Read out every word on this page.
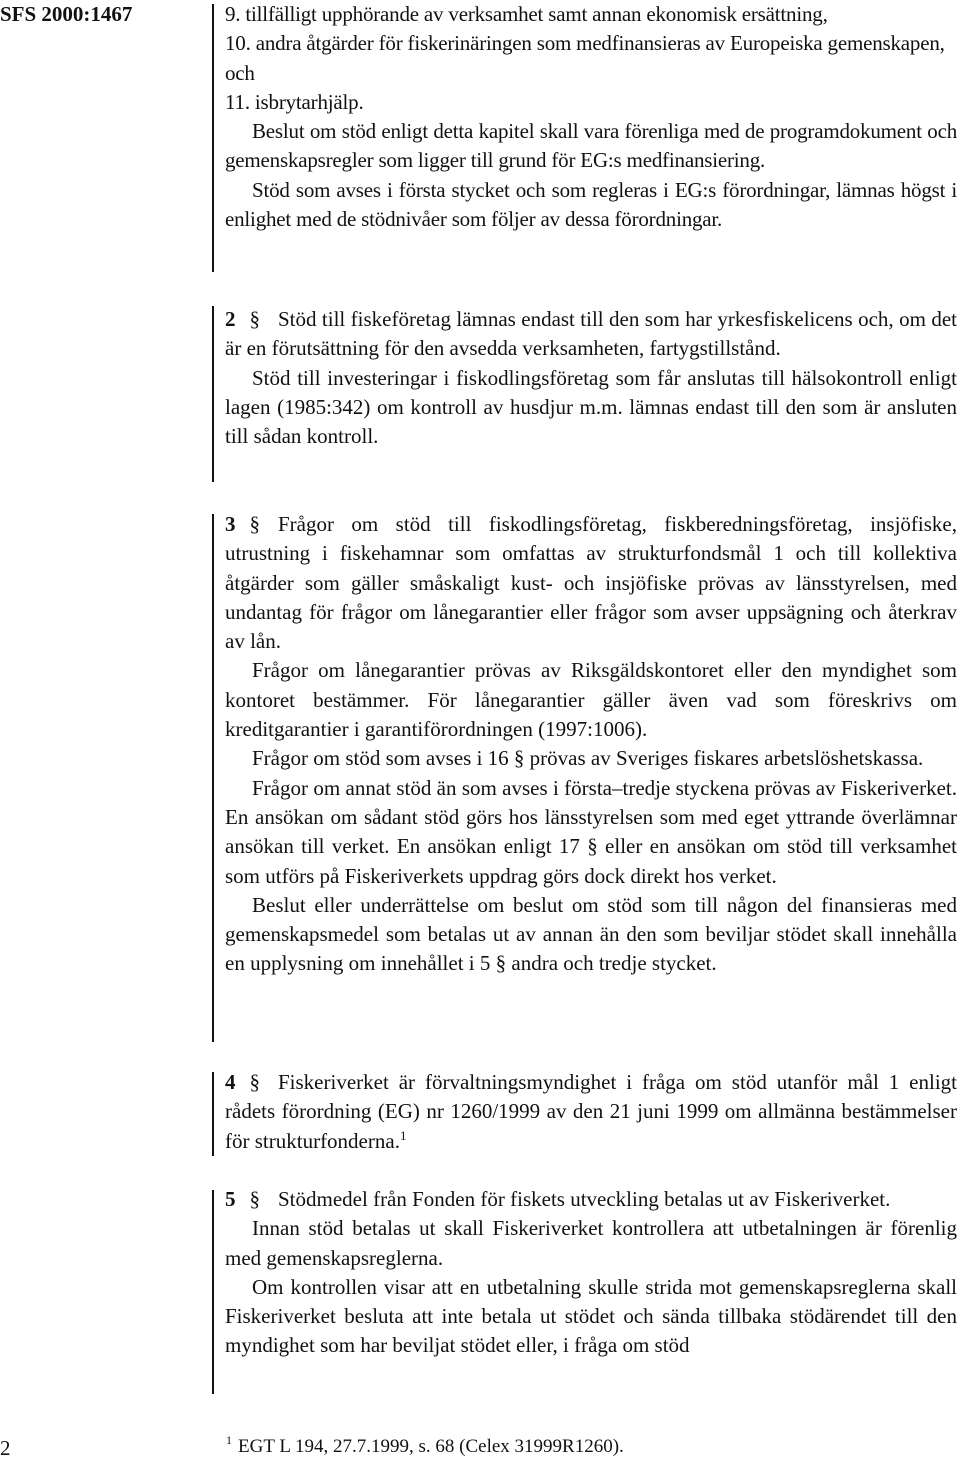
SFS 2000:1467	9. tillfälligt upphörande av verksamhet samt annan ekonomisk ersättning,

10. andra åtgärder för fiskerinäringen som medfinansieras av Europeiska gemenskapen, och

11. isbrytarhjälp.

Beslut om stöd enligt detta kapitel skall vara förenliga med de programdokument och gemenskapsregler som ligger till grund för EG:s medfinansiering.

Stöd som avses i första stycket och som regleras i EG:s förordningar, lämnas högst i enlighet med de stödnivåer som följer av dessa förordningar.

2 § Stöd till fiskeföretag lämnas endast till den som har yrkesfiskelicens och, om det är en förutsättning för den avsedda verksamheten, fartygstillstånd.

Stöd till investeringar i fiskodlingsföretag som får anslutas till hälsokontroll enligt lagen (1985:342) om kontroll av husdjur m.m. lämnas endast till den som är ansluten till sådan kontroll.

3 § Frågor om stöd till fiskodlingsföretag, fiskberedningsföretag, insjöfiske, utrustning i fiskehamnar som omfattas av strukturfondsmål 1 och till kollektiva åtgärder som gäller småskaligt kust- och insjöfiske prövas av länsstyrelsen, med undantag för frågor om lånegarantier eller frågor som avser uppsägning och återkrav av lån.

Frågor om lånegarantier prövas av Riksgäldskontoret eller den myndighet som kontoret bestämmer. För lånegarantier gäller även vad som föreskrivs om kreditgarantier i garantiförordningen (1997:1006).

Frågor om stöd som avses i 16 § prövas av Sveriges fiskares arbetslöshetskassa.

Frågor om annat stöd än som avses i första–tredje styckena prövas av Fiskeriverket. En ansökan om sådant stöd görs hos länsstyrelsen som med eget yttrande överlämnar ansökan till verket. En ansökan enligt 17 § eller en ansökan om stöd till verksamhet som utförs på Fiskeriverkets uppdrag görs dock direkt hos verket.

Beslut eller underrättelse om beslut om stöd som till någon del finansieras med gemenskapsmedel som betalas ut av annan än den som beviljar stödet skall innehålla en upplysning om innehållet i 5 § andra och tredje stycket.

4 § Fiskeriverket är förvaltningsmyndighet i fråga om stöd utanför mål 1 enligt rådets förordning (EG) nr 1260/1999 av den 21 juni 1999 om allmänna bestämmelser för strukturfonderna.$^1$

5 § Stödmedel från Fonden för fiskets utveckling betalas ut av Fiskeriverket.

Innan stöd betalas ut skall Fiskeriverket kontrollera att utbetalningen är förenlig med gemenskapsreglerna.

Om kontrollen visar att en utbetalning skulle strida mot gemenskapsreglerna skall Fiskeriverket besluta att inte betala ut stödet och sända tillbaka stödärendet till den myndighet som har beviljat stödet eller, i fråga om stöd

2	$^1$ EGT L 194, 27.7.1999, s. 68 (Celex 31999R1260).
